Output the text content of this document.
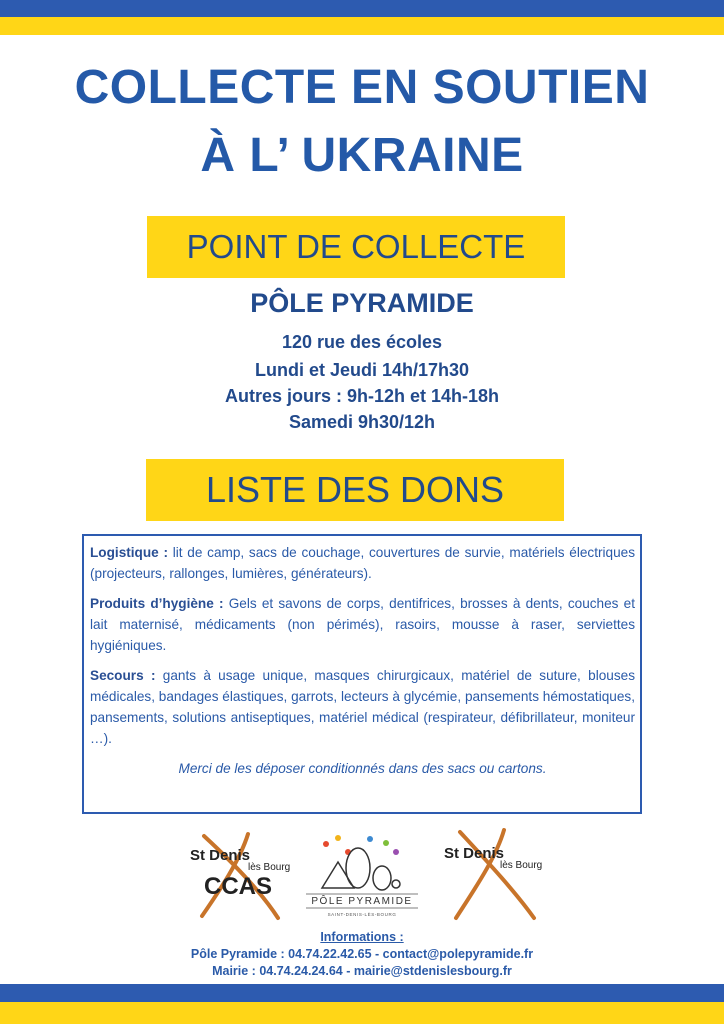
COLLECTE EN SOUTIEN
À L’ UKRAINE
POINT DE COLLECTE
PÔLE PYRAMIDE
120 rue des écoles
Lundi et Jeudi 14h/17h30
Autres jours : 9h-12h et 14h-18h
Samedi 9h30/12h
LISTE DES DONS

Logistique : lit de camp, sacs de couchage, couvertures de survie, matériels électriques (projecteurs, rallonges, lumières, générateurs).

Produits d’hygiène : Gels et savons de corps, dentifrices, brosses à dents, couches et lait maternisé, médicaments (non périmés), rasoirs, mousse à raser, serviettes hygiéniques.

Secours : gants à usage unique, masques chirurgicaux, matériel de suture, blouses médicales, bandages élastiques, garrots, lecteurs à glycémie, pansements hémostatiques, pansements, solutions antiseptiques, matériel médical (respirateur, défibrillateur, moniteur …).

Merci de les déposer conditionnés dans des sacs ou cartons.

St Denis
lès Bourg
CCAS
PÔLE PYRAMIDE
SAINT-DENIS-LÈS-BOURG
St Denis
lès Bourg
Informations :
Pôle Pyramide : 04.74.22.42.65 - contact@polepyramide.fr
Mairie : 04.74.24.24.64 - mairie@stdenislesbourg.fr
